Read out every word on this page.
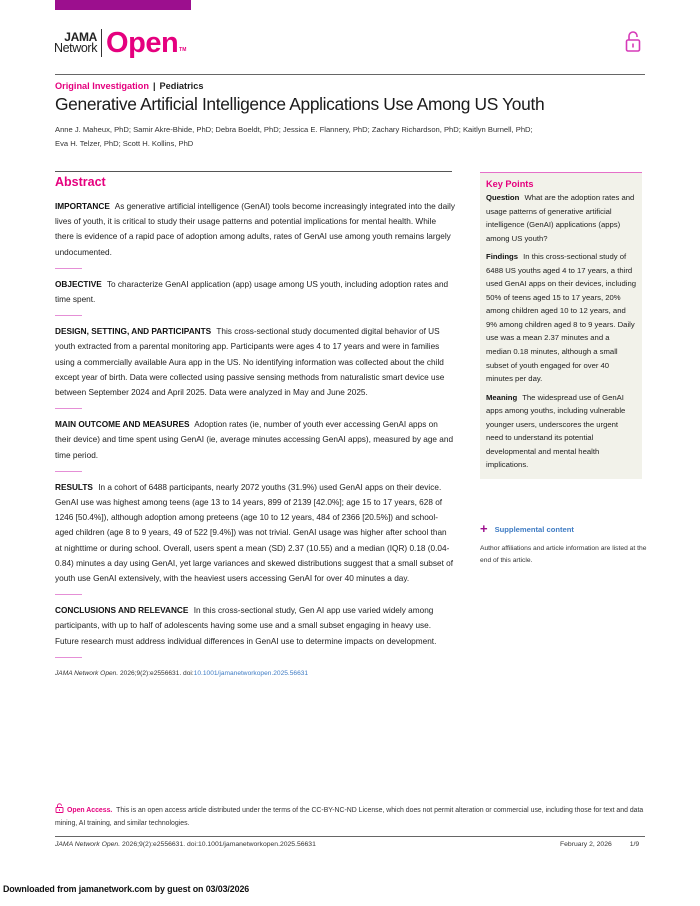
JAMA
Network Open TM
Original Investigation | Pediatrics
Generative Artificial Intelligence Applications Use Among US Youth
Anne J. Maheux, PhD; Samir Akre-Bhide, PhD; Debra Boeldt, PhD; Jessica E. Flannery, PhD; Zachary Richardson, PhD; Kaitlyn Burnell, PhD;
Eva H. Telzer, PhD; Scott H. Kollins, PhD
Abstract

IMPORTANCE As generative artificial intelligence (GenAI) tools become increasingly integrated into the daily lives of youth, it is critical to study their usage patterns and potential implications for mental health. While there is evidence of a rapid pace of adoption among adults, rates of GenAI use among youth remains largely undocumented.

OBJECTIVE To characterize GenAI application (app) usage among US youth, including adoption rates and time spent.

DESIGN, SETTING, AND PARTICIPANTS This cross-sectional study documented digital behavior of US youth extracted from a parental monitoring app. Participants were ages 4 to 17 years and were in families using a commercially available Aura app in the US. No identifying information was collected about the child except year of birth. Data were collected using passive sensing methods from naturalistic smart device use between September 2024 and April 2025. Data were analyzed in May and June 2025.

MAIN OUTCOME AND MEASURES Adoption rates (ie, number of youth ever accessing GenAI apps on their device) and time spent using GenAI (ie, average minutes accessing GenAI apps), measured by age and time period.

RESULTS In a cohort of 6488 participants, nearly 2072 youths (31.9%) used GenAI apps on their device. GenAI use was highest among teens (age 13 to 14 years, 899 of 2139 [42.0%]; age 15 to 17 years, 628 of 1246 [50.4%]), although adoption among preteens (age 10 to 12 years, 484 of 2366 [20.5%]) and school-aged children (age 8 to 9 years, 49 of 522 [9.4%]) was not trivial. GenAI usage was higher after school than at nighttime or during school. Overall, users spent a mean (SD) 2.37 (10.55) and a median (IQR) 0.18 (0.04-0.84) minutes a day using GenAI, yet large variances and skewed distributions suggest that a small subset of youth use GenAI extensively, with the heaviest users accessing GenAI for over 40 minutes a day.

CONCLUSIONS AND RELEVANCE In this cross-sectional study, Gen AI app use varied widely among participants, with up to half of adolescents having some use and a small subset engaging in heavy use. Future research must address individual differences in GenAI use to determine impacts on development.

JAMA Network Open. 2026;9(2):e2556631. doi:10.1001/jamanetworkopen.2025.56631
Key Points

Question What are the adoption rates and usage patterns of generative artificial intelligence (GenAI) applications (apps) among US youth?

Findings In this cross-sectional study of 6488 US youths aged 4 to 17 years, a third used GenAI apps on their devices, including 50% of teens aged 15 to 17 years, 20% among children aged 10 to 12 years, and 9% among children aged 8 to 9 years. Daily use was a mean 2.37 minutes and a median 0.18 minutes, although a small subset of youth engaged for over 40 minutes per day.

Meaning The widespread use of GenAI apps among youths, including vulnerable younger users, underscores the urgent need to understand its potential developmental and mental health implications.

+ Supplemental content
Author affiliations and article information are listed at the end of this article.
Open Access. This is an open access article distributed under the terms of the CC-BY-NC-ND License, which does not permit alteration or commercial use, including those for text and data mining, AI training, and similar technologies.
JAMA Network Open. 2026;9(2):e2556631. doi:10.1001/jamanetworkopen.2025.56631	February 2, 2026	1/9
Downloaded from jamanetwork.com by guest on 03/03/2026
